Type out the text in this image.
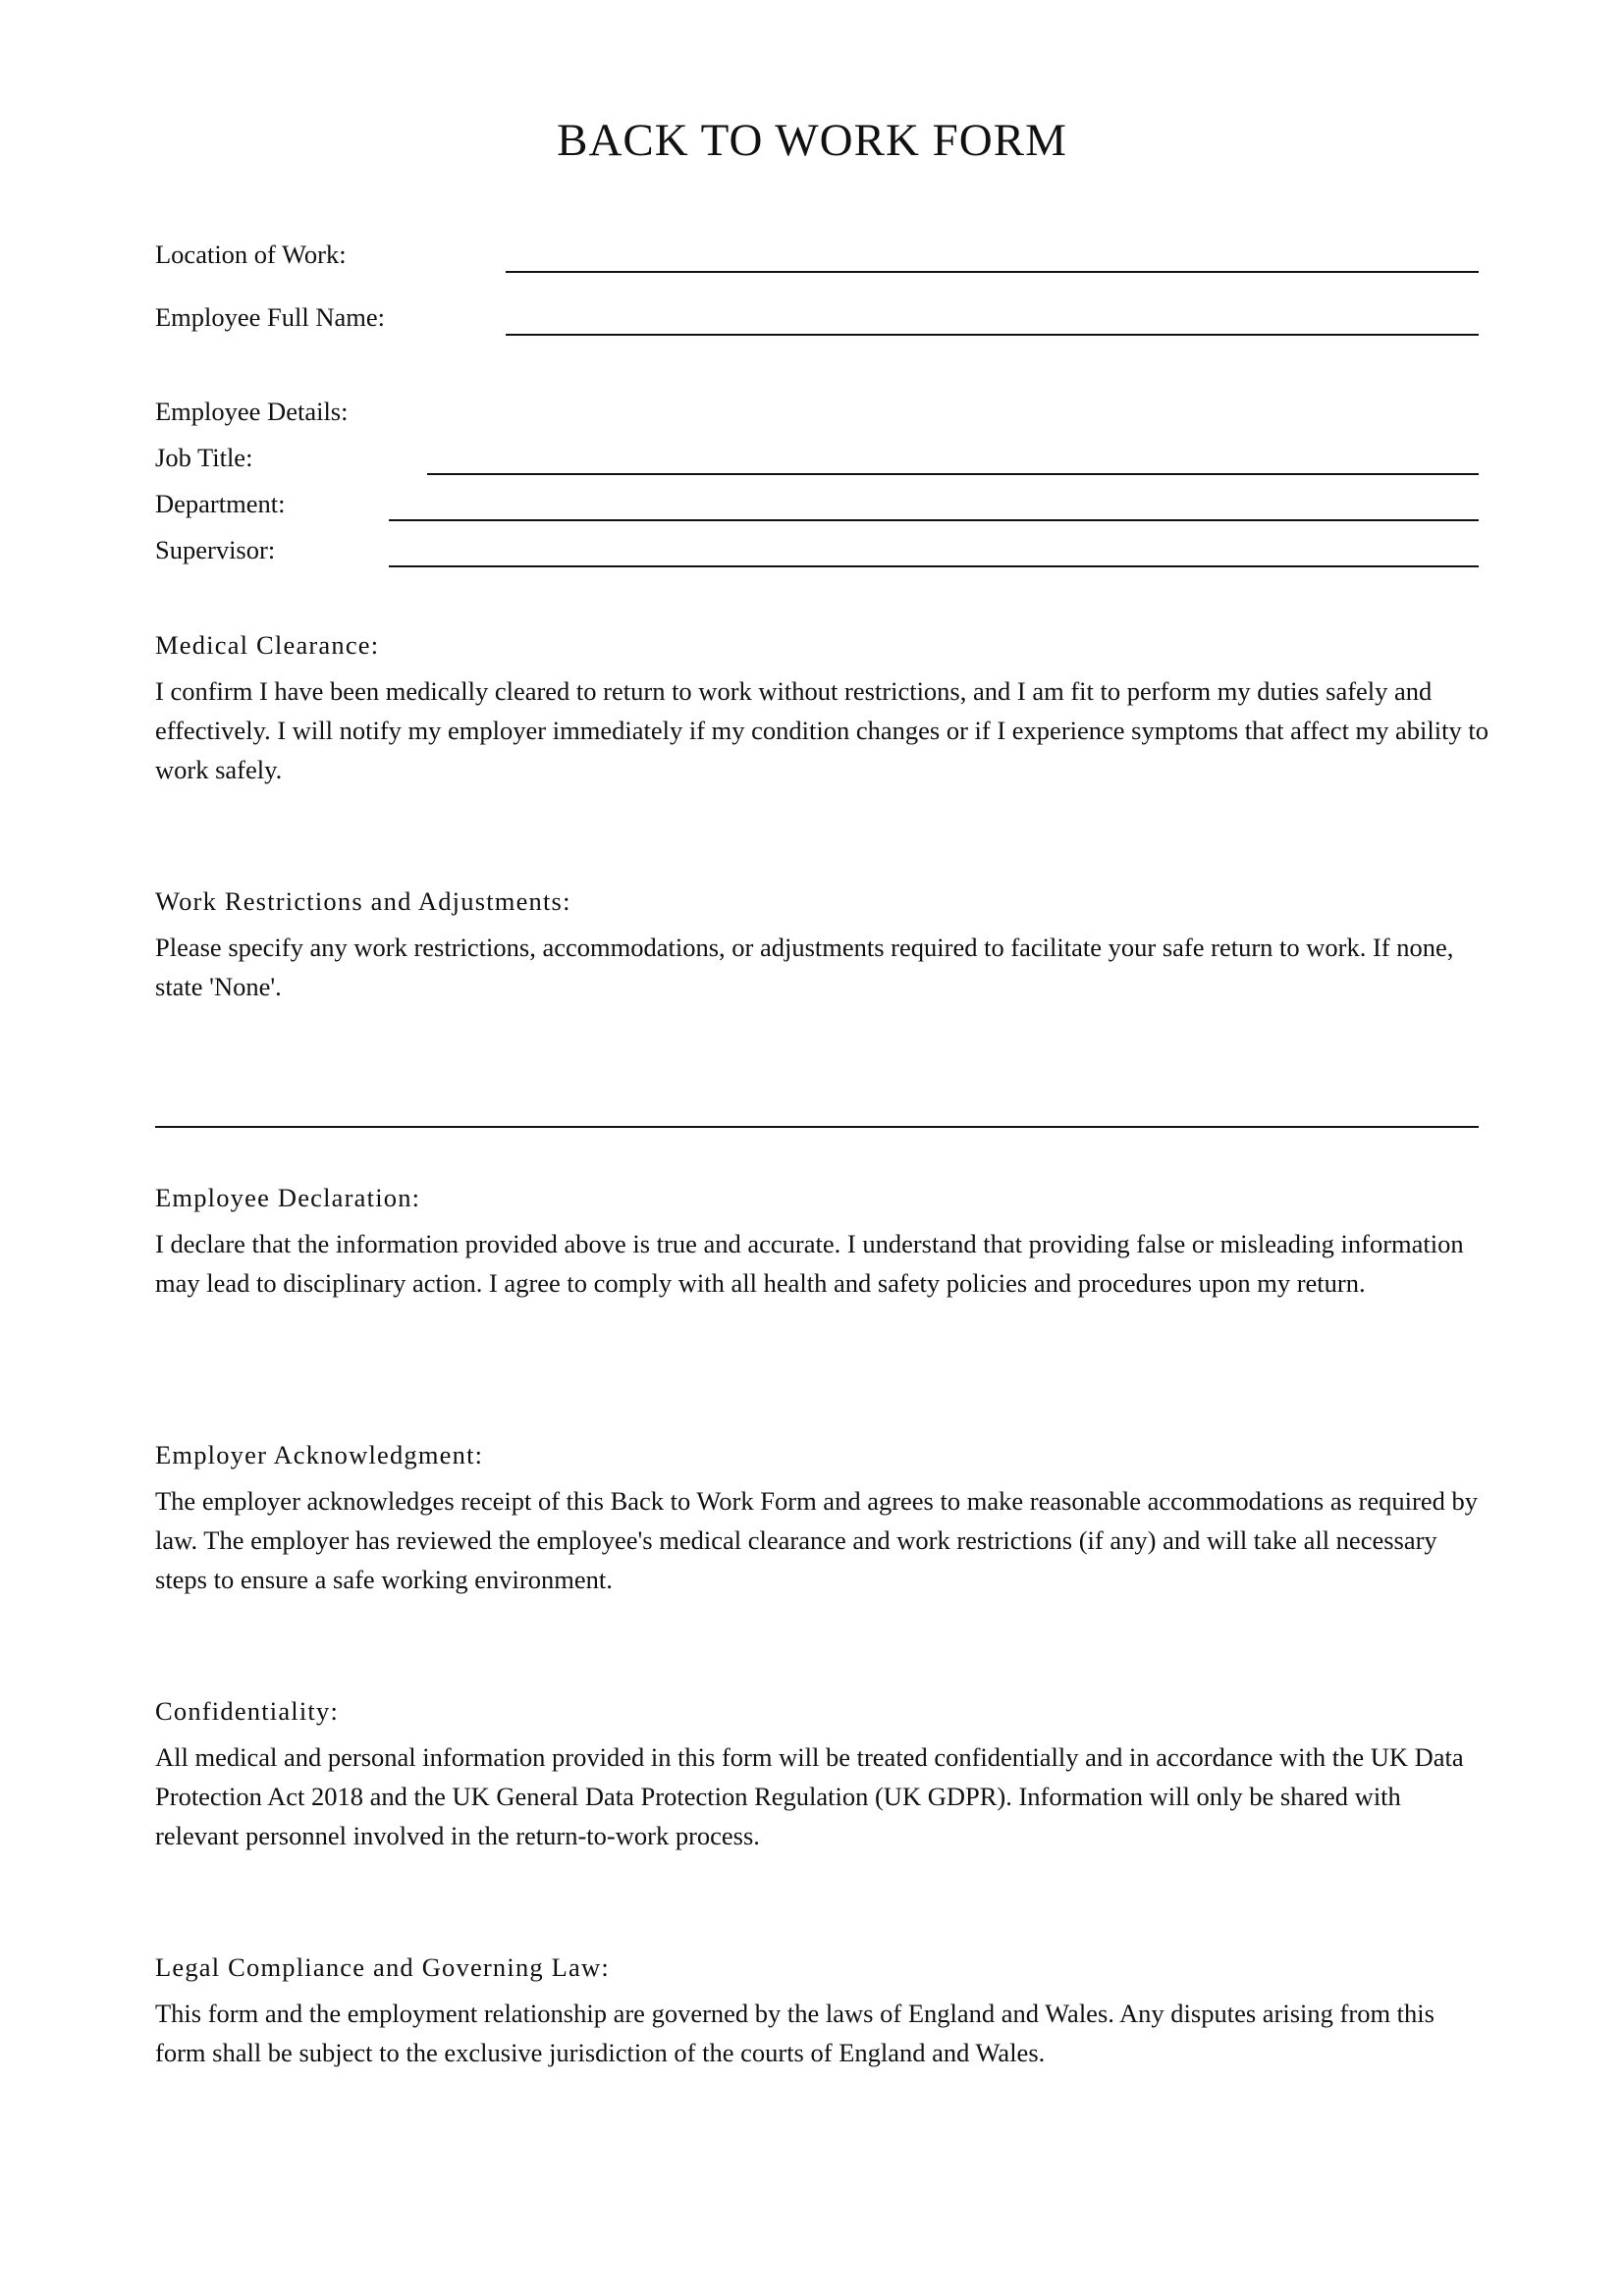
BACK TO WORK FORM
Location of Work:
Employee Full Name:
Employee Details:
Job Title:
Department:
Supervisor:
Medical Clearance:

I confirm I have been medically cleared to return to work without restrictions, and I am fit to perform my duties safely and effectively. I will notify my employer immediately if my condition changes or if I experience symptoms that affect my ability to work safely.

Work Restrictions and Adjustments:

Please specify any work restrictions, accommodations, or adjustments required to facilitate your safe return to work. If none, state 'None'.

Employee Declaration:

I declare that the information provided above is true and accurate. I understand that providing false or misleading information may lead to disciplinary action. I agree to comply with all health and safety policies and procedures upon my return.

Employer Acknowledgment:

The employer acknowledges receipt of this Back to Work Form and agrees to make reasonable accommodations as required by law. The employer has reviewed the employee's medical clearance and work restrictions (if any) and will take all necessary steps to ensure a safe working environment.

Confidentiality:

All medical and personal information provided in this form will be treated confidentially and in accordance with the UK Data Protection Act 2018 and the UK General Data Protection Regulation (UK GDPR). Information will only be shared with relevant personnel involved in the return-to-work process.

Legal Compliance and Governing Law:

This form and the employment relationship are governed by the laws of England and Wales. Any disputes arising from this form shall be subject to the exclusive jurisdiction of the courts of England and Wales.
